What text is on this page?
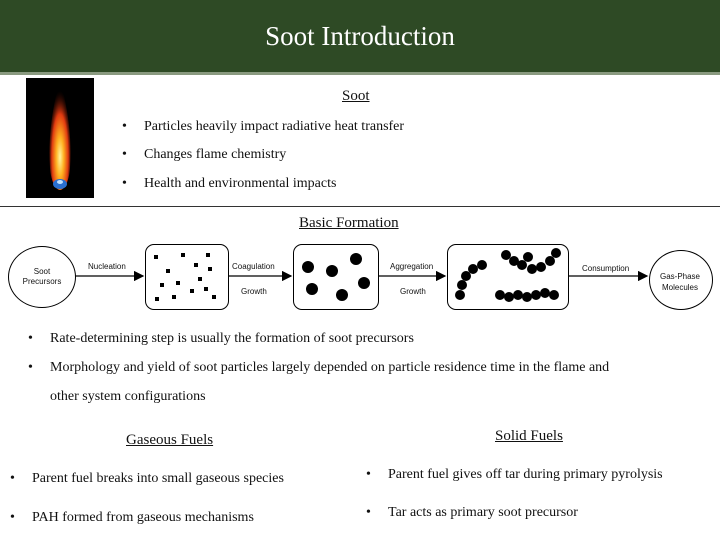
Soot Introduction
Soot
• Particles heavily impact radiative heat transfer
• Changes flame chemistry
• Health and environmental impacts
Basic Formation
Soot
Precursors
Gas-Phase
Molecules
Nucleation	Coagulation
Growth
Aggregation
Growth
Consumption
• Rate-determining step is usually the formation of soot precursors
• Morphology and yield of soot particles largely depended on particle residence time in the flame and
other system configurations
Gaseous Fuels	Solid Fuels
• Parent fuel breaks into small gaseous species
• PAH formed from gaseous mechanisms
• Parent fuel gives off tar during primary pyrolysis
• Tar acts as primary soot precursor
